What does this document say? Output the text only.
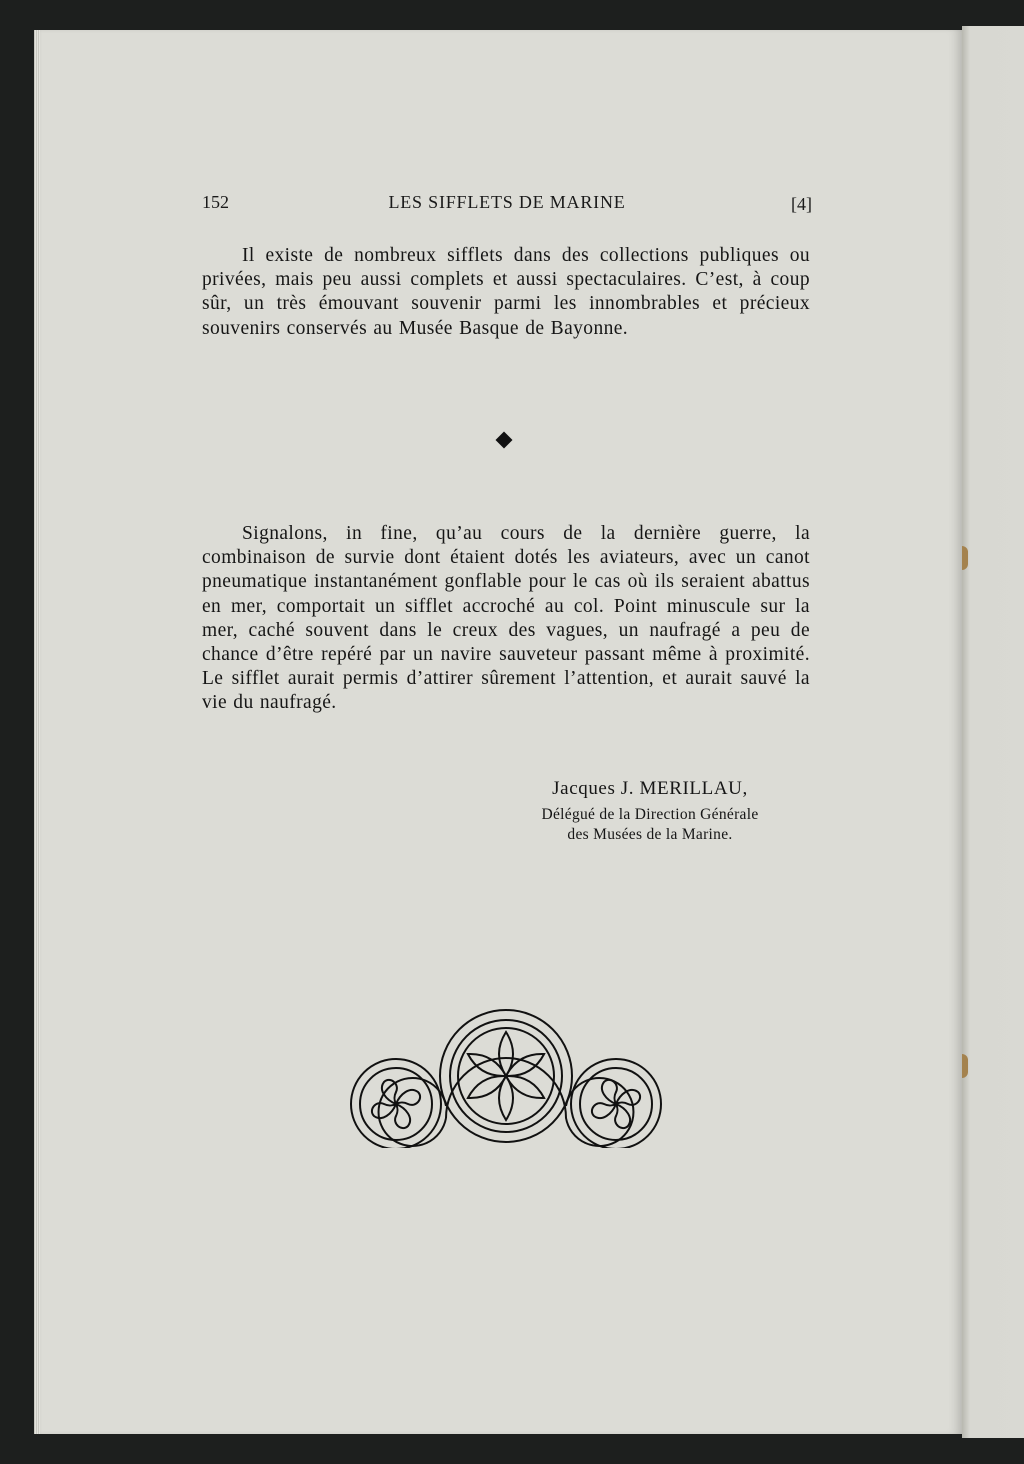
152	LES SIFFLETS DE MARINE	[4]

Il existe de nombreux sifflets dans des collections publiques ou privées, mais peu aussi complets et aussi spectaculaires. C’est, à coup sûr, un très émouvant souvenir parmi les innombrables et précieux souvenirs conservés au Musée Basque de Bayonne.

Signalons, in fine, qu’au cours de la dernière guerre, la combinaison de survie dont étaient dotés les aviateurs, avec un canot pneumatique instantanément gonflable pour le cas où ils seraient abattus en mer, comportait un sifflet accroché au col. Point minuscule sur la mer, caché souvent dans le creux des vagues, un naufragé a peu de chance d’être repéré par un navire sauveteur passant même à proximité. Le sifflet aurait permis d’attirer sûrement l’attention, et aurait sauvé la vie du naufragé.

Jacques J. MERILLAU,
Délégué de la Direction Générale
des Musées de la Marine.
